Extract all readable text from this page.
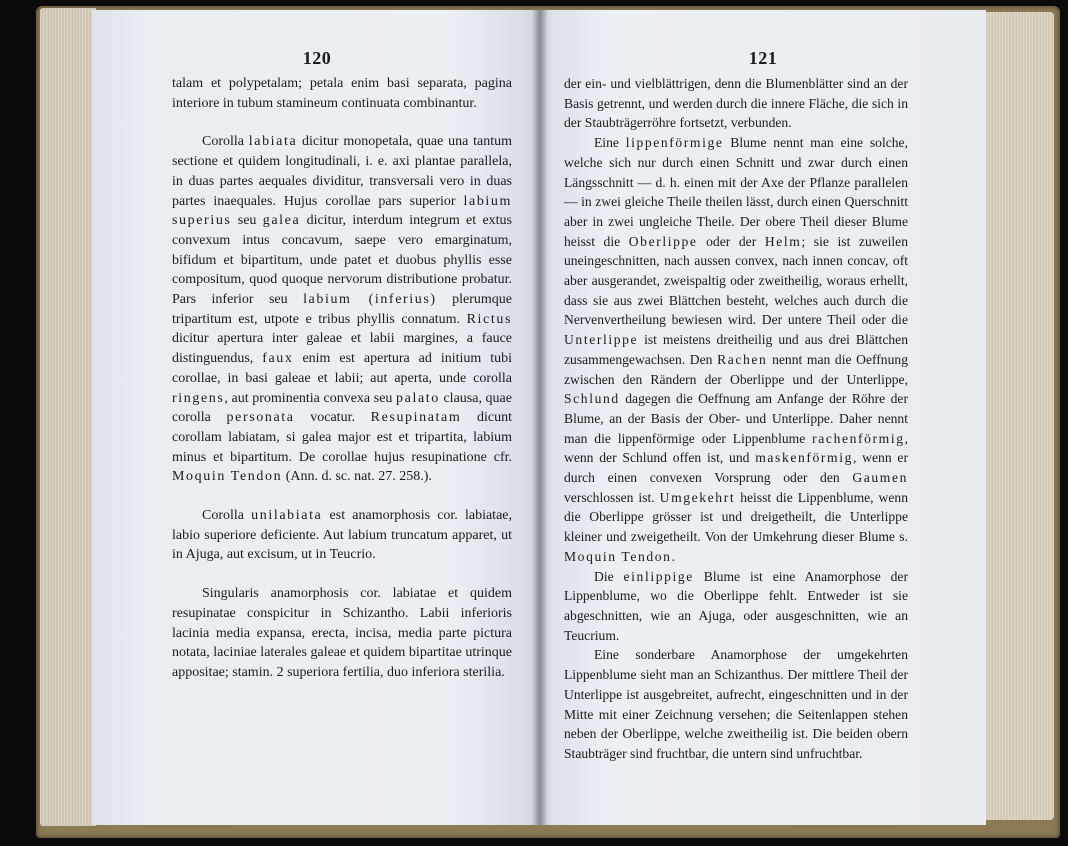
120

talam et polypetalam; petala enim basi separata, pagina interiore in tubum stamineum continuata combinantur.

Corolla labiata dicitur monopetala, quae una tantum sectione et quidem longitudinali, i. e. axi plantae parallela, in duas partes aequales dividitur, transversali vero in duas partes inaequales. Hujus corollae pars superior labium superius seu galea dicitur, interdum integrum et extus convexum intus concavum, saepe vero emarginatum, bifidum et bipartitum, unde patet et duobus phyllis esse compositum, quod quoque nervorum distributione probatur. Pars inferior seu labium (inferius) plerumque tripartitum est, utpote e tribus phyllis connatum. Rictus dicitur apertura inter galeae et labii margines, a fauce distinguendus, faux enim est apertura ad initium tubi corollae, in basi galeae et labii; aut aperta, unde corolla ringens, aut prominentia convexa seu palato clausa, quae corolla personata vocatur. Resupinatam dicunt corollam labiatam, si galea major est et tripartita, labium minus et bipartitum. De corollae hujus resupinatione cfr. Moquin Tendon (Ann. d. sc. nat. 27. 258.).

Corolla unilabiata est anamorphosis cor. labiatae, labio superiore deficiente. Aut labium truncatum apparet, ut in Ajuga, aut excisum, ut in Teucrio.

Singularis anamorphosis cor. labiatae et quidem resupinatae conspicitur in Schizantho. Labii inferioris lacinia media expansa, erecta, incisa, media parte pictura notata, laciniae laterales galeae et quidem bipartitae utrinque appositae; stamin. 2 superiora fertilia, duo inferiora sterilia.

121

der ein- und vielblättrigen, denn die Blumenblätter sind an der Basis getrennt, und werden durch die innere Fläche, die sich in der Staubträgerröhre fortsetzt, verbunden.

Eine lippenförmige Blume nennt man eine solche, welche sich nur durch einen Schnitt und zwar durch einen Längsschnitt — d. h. einen mit der Axe der Pflanze parallelen — in zwei gleiche Theile theilen lässt, durch einen Querschnitt aber in zwei ungleiche Theile. Der obere Theil dieser Blume heisst die Oberlippe oder der Helm; sie ist zuweilen uneingeschnitten, nach aussen convex, nach innen concav, oft aber ausgerandet, zweispaltig oder zweitheilig, woraus erhellt, dass sie aus zwei Blättchen besteht, welches auch durch die Nervenvertheilung bewiesen wird. Der untere Theil oder die Unterlippe ist meistens dreitheilig und aus drei Blättchen zusammengewachsen. Den Rachen nennt man die Oeffnung zwischen den Rändern der Oberlippe und der Unterlippe, Schlund dagegen die Oeffnung am Anfange der Röhre der Blume, an der Basis der Ober- und Unterlippe. Daher nennt man die lippenförmige oder Lippenblume rachenförmig, wenn der Schlund offen ist, und maskenförmig, wenn er durch einen convexen Vorsprung oder den Gaumen verschlossen ist. Umgekehrt heisst die Lippenblume, wenn die Oberlippe grösser ist und dreigetheilt, die Unterlippe kleiner und zweigetheilt. Von der Umkehrung dieser Blume s. Moquin Tendon.

Die einlippige Blume ist eine Anamorphose der Lippenblume, wo die Oberlippe fehlt. Entweder ist sie abgeschnitten, wie an Ajuga, oder ausgeschnitten, wie an Teucrium.

Eine sonderbare Anamorphose der umgekehrten Lippenblume sieht man an Schizanthus. Der mittlere Theil der Unterlippe ist ausgebreitet, aufrecht, eingeschnitten und in der Mitte mit einer Zeichnung versehen; die Seitenlappen stehen neben der Oberlippe, welche zweitheilig ist. Die beiden obern Staubträger sind fruchtbar, die untern sind unfruchtbar.
